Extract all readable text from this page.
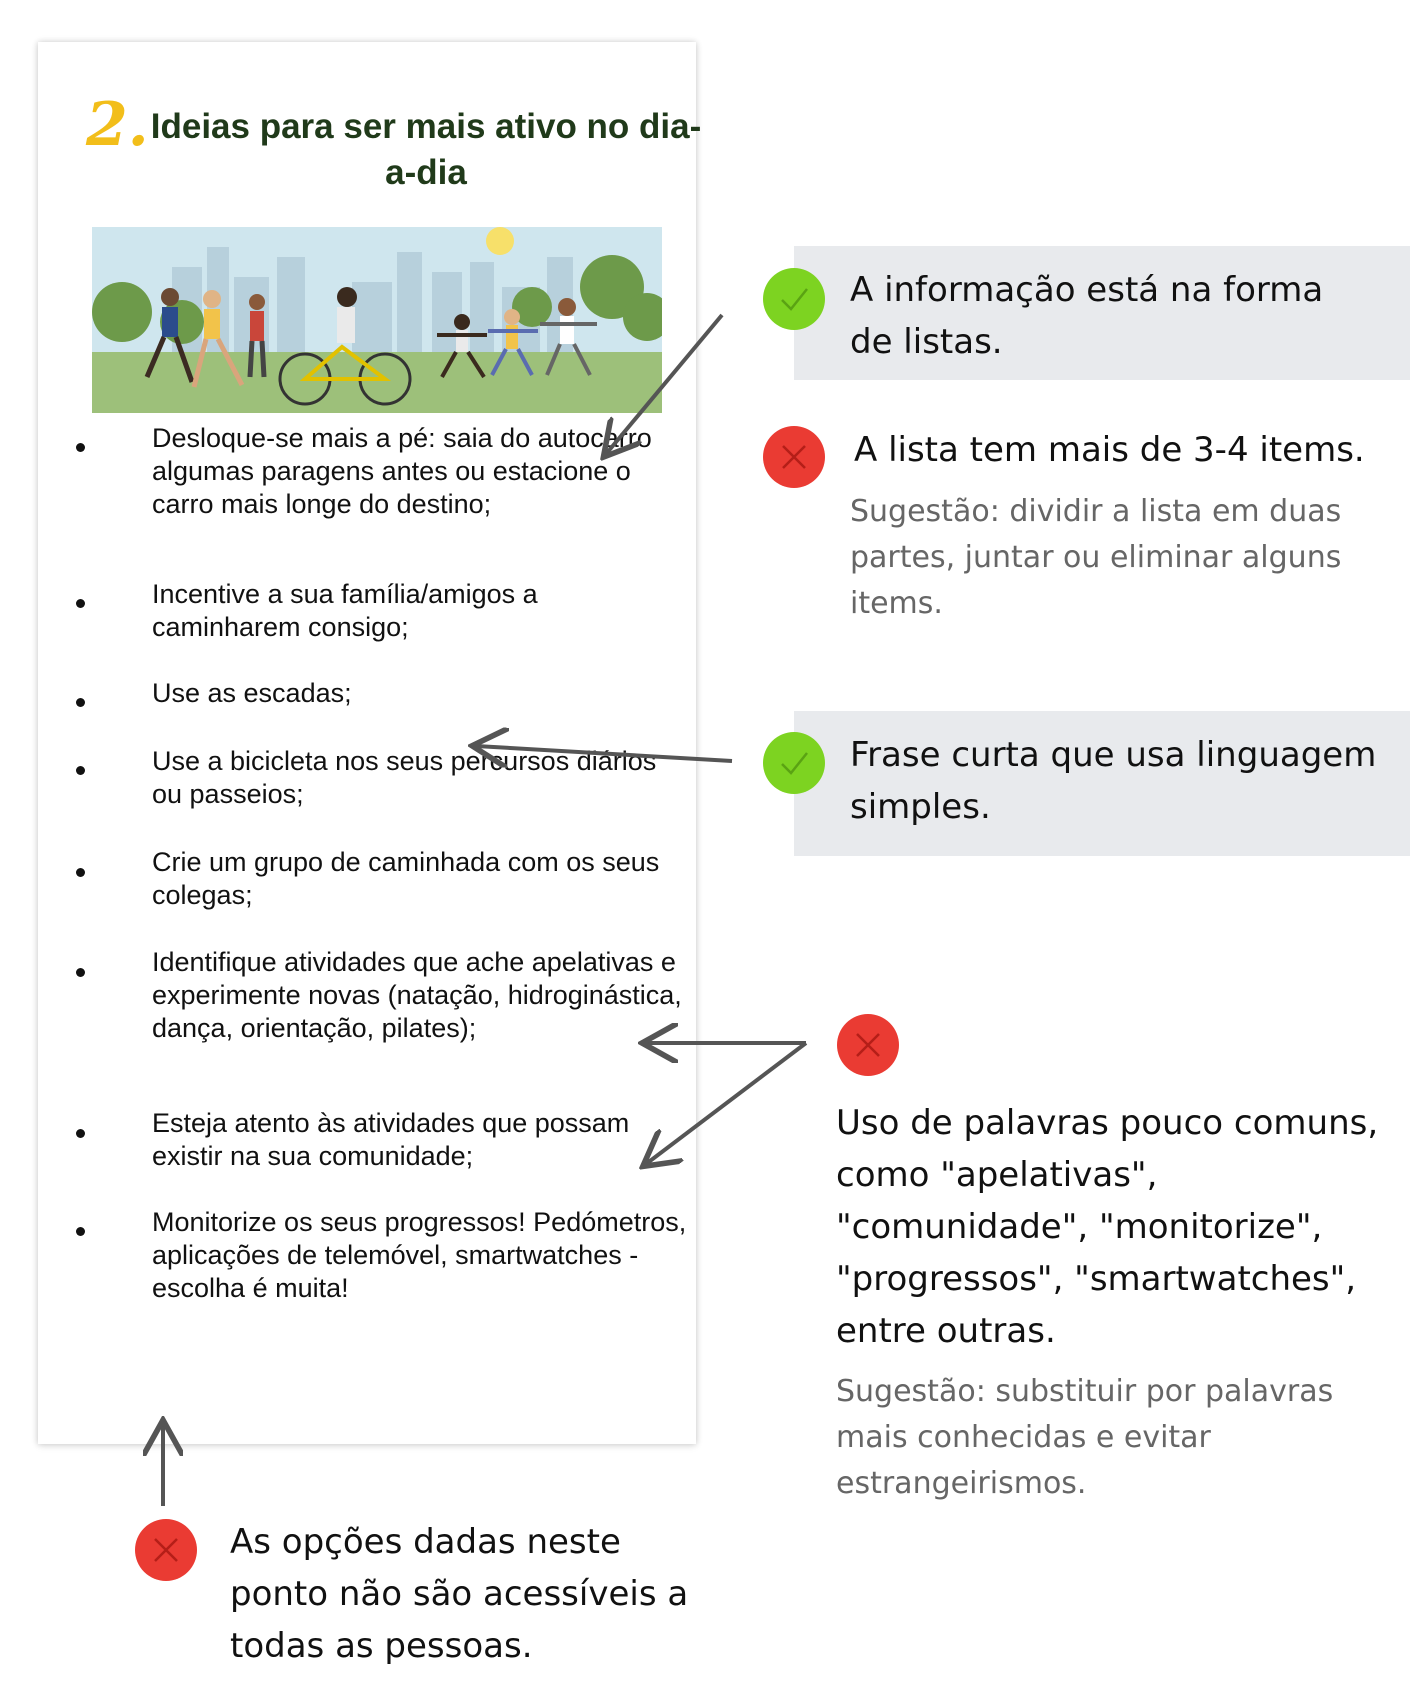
2. Ideias para ser mais ativo no dia-a-dia
Desloque-se mais a pé: saia do autocarro algumas paragens antes ou estacione o carro mais longe do destino;
Incentive a sua família/amigos a caminharem consigo;
Use as escadas;
Use a bicicleta nos seus percursos diários ou passeios;
Crie um grupo de caminhada com os seus colegas;
Identifique atividades que ache apelativas e experimente novas (natação, hidroginástica, dança, orientação, pilates);
Esteja atento às atividades que possam existir na sua comunidade;
Monitorize os seus progressos! Pedómetros, aplicações de telemóvel, smartwatches - escolha é muita!
A informação está na forma de listas.
A lista tem mais de 3-4 items.
Sugestão: dividir a lista em duas partes, juntar ou eliminar alguns items.
Frase curta que usa linguagem simples.
Uso de palavras pouco comuns, como "apelativas", "comunidade", "monitorize", "progressos", "smartwatches", entre outras.
Sugestão: substituir por palavras mais conhecidas e evitar estrangeirismos.
As opções dadas neste ponto não são acessíveis a todas as pessoas.
